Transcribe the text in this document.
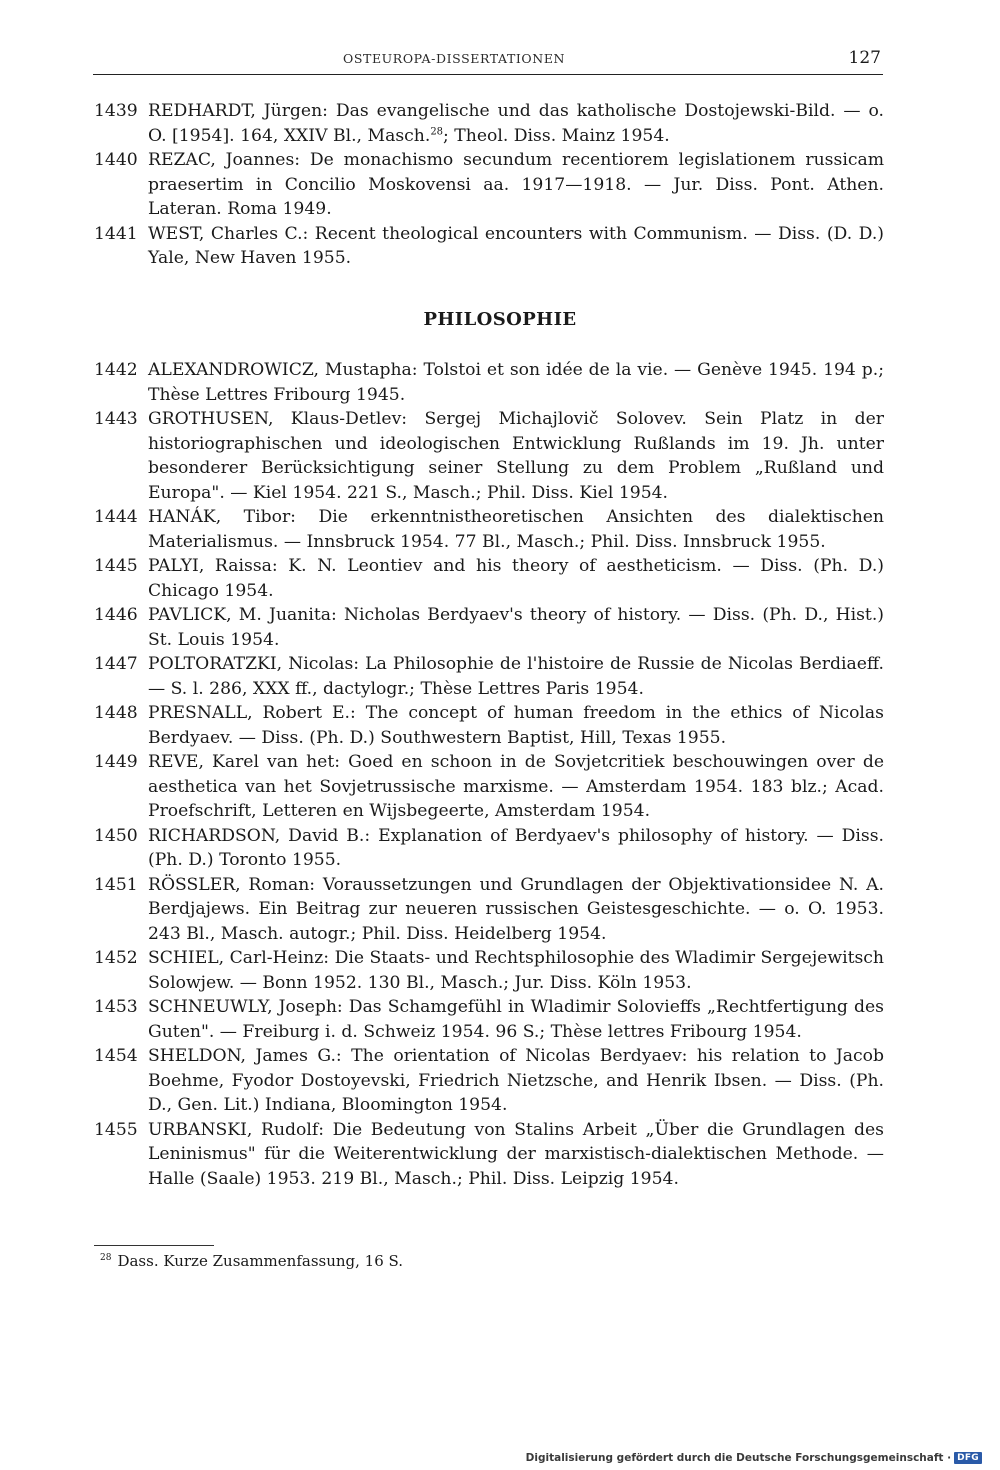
OSTEUROPA-DISSERTATIONEN	127
1439 REDHARDT, Jürgen: Das evangelische und das katholische Dostojewski-Bild. — o. O. [1954]. 164, XXIV Bl., Masch.$^{28}$; Theol. Diss. Mainz 1954.
1440 REZAC, Joannes: De monachismo secundum recentiorem legislationem russicam praesertim in Concilio Moskovensi aa. 1917—1918. — Jur. Diss. Pont. Athen. Lateran. Roma 1949.
1441 WEST, Charles C.: Recent theological encounters with Communism. — Diss. (D. D.) Yale, New Haven 1955.
PHILOSOPHIE
1442 ALEXANDROWICZ, Mustapha: Tolstoi et son idée de la vie. — Genève 1945. 194 p.; Thèse Lettres Fribourg 1945.
1443 GROTHUSEN, Klaus-Detlev: Sergej Michajlovič Solovev. Sein Platz in der historiographischen und ideologischen Entwicklung Rußlands im 19. Jh. unter besonderer Berücksichtigung seiner Stellung zu dem Problem „Rußland und Europa". — Kiel 1954. 221 S., Masch.; Phil. Diss. Kiel 1954.
1444 HANÁK, Tibor: Die erkenntnistheoretischen Ansichten des dialektischen Materialismus. — Innsbruck 1954. 77 Bl., Masch.; Phil. Diss. Innsbruck 1955.
1445 PALYI, Raissa: K. N. Leontiev and his theory of aestheticism. — Diss. (Ph. D.) Chicago 1954.
1446 PAVLICK, M. Juanita: Nicholas Berdyaev's theory of history. — Diss. (Ph. D., Hist.) St. Louis 1954.
1447 POLTORATZKI, Nicolas: La Philosophie de l'histoire de Russie de Nicolas Berdiaeff. — S. l. 286, XXX ff., dactylogr.; Thèse Lettres Paris 1954.
1448 PRESNALL, Robert E.: The concept of human freedom in the ethics of Nicolas Berdyaev. — Diss. (Ph. D.) Southwestern Baptist, Hill, Texas 1955.
1449 REVE, Karel van het: Goed en schoon in de Sovjetcritiek beschouwingen over de aesthetica van het Sovjetrussische marxisme. — Amsterdam 1954. 183 blz.; Acad. Proefschrift, Letteren en Wijsbegeerte, Amsterdam 1954.
1450 RICHARDSON, David B.: Explanation of Berdyaev's philosophy of history. — Diss. (Ph. D.) Toronto 1955.
1451 RÖSSLER, Roman: Voraussetzungen und Grundlagen der Objektivationsidee N. A. Berdjajews. Ein Beitrag zur neueren russischen Geistesgeschichte. — o. O. 1953. 243 Bl., Masch. autogr.; Phil. Diss. Heidelberg 1954.
1452 SCHIEL, Carl-Heinz: Die Staats- und Rechtsphilosophie des Wladimir Sergejewitsch Solowjew. — Bonn 1952. 130 Bl., Masch.; Jur. Diss. Köln 1953.
1453 SCHNEUWLY, Joseph: Das Schamgefühl in Wladimir Solovieffs „Rechtfertigung des Guten". — Freiburg i. d. Schweiz 1954. 96 S.; Thèse lettres Fribourg 1954.
1454 SHELDON, James G.: The orientation of Nicolas Berdyaev: his relation to Jacob Boehme, Fyodor Dostoyevski, Friedrich Nietzsche, and Henrik Ibsen. — Diss. (Ph. D., Gen. Lit.) Indiana, Bloomington 1954.
1455 URBANSKI, Rudolf: Die Bedeutung von Stalins Arbeit „Über die Grundlagen des Leninismus" für die Weiterentwicklung der marxistisch-dialektischen Methode. — Halle (Saale) 1953. 219 Bl., Masch.; Phil. Diss. Leipzig 1954.
$^{28}$ Dass. Kurze Zusammenfassung, 16 S.
Digitalisierung gefördert durch die Deutsche Forschungsgemeinschaft · DFG
